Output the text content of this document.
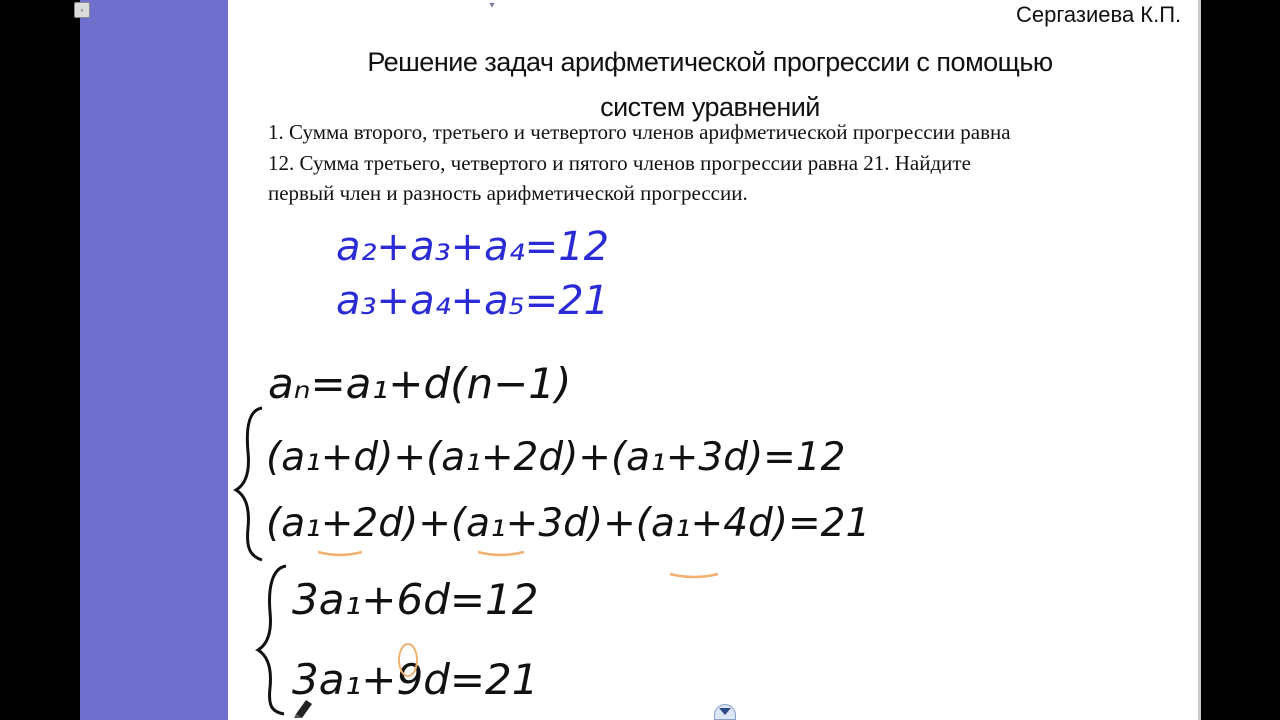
◦	▾	Сергазиева К.П.
Решение задач арифметической прогрессии с помощью
систем уравнений
1. Сумма второго, третьего и четвертого членов арифметической прогрессии равна
12. Сумма третьего, четвертого и пятого членов прогрессии равна 21. Найдите
первый член и разность арифметической прогрессии.
a₂+a₃+a₄=12
a₃+a₄+a₅=21
aₙ=a₁+d(n−1)
(a₁+d)+(a₁+2d)+(a₁+3d)=12
(a₁+2d)+(a₁+3d)+(a₁+4d)=21
3a₁+6d=12
3a₁+9d=21
